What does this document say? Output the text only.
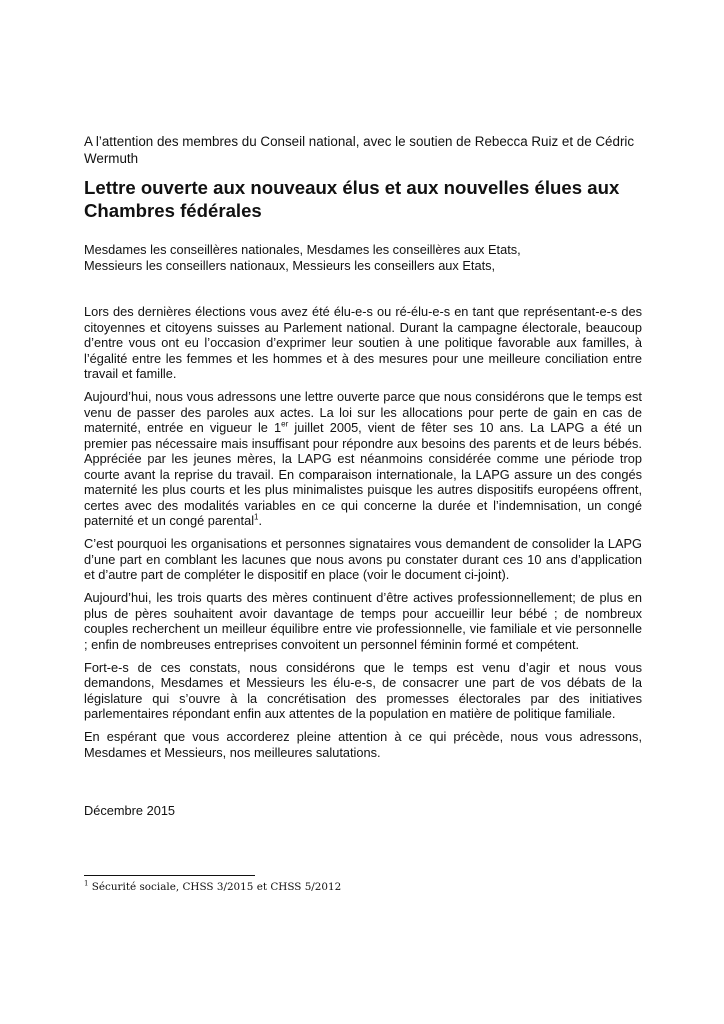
A l’attention des membres du Conseil national, avec le soutien de Rebecca Ruiz et de Cédric Wermuth

Lettre ouverte aux nouveaux élus et aux nouvelles élues aux Chambres fédérales
Mesdames les conseillères nationales, Mesdames les conseillères aux Etats,
Messieurs les conseillers nationaux, Messieurs les conseillers aux Etats,

Lors des dernières élections vous avez été élu-e-s ou ré-élu-e-s en tant que représentant-e-s des citoyennes et citoyens suisses au Parlement national. Durant la campagne électorale, beaucoup d’entre vous ont eu l’occasion d’exprimer leur soutien à une politique favorable aux familles, à l’égalité entre les femmes et les hommes et à des mesures pour une meilleure conciliation entre travail et famille.

Aujourd’hui, nous vous adressons une lettre ouverte parce que nous considérons que le temps est venu de passer des paroles aux actes. La loi sur les allocations pour perte de gain en cas de maternité, entrée en vigueur le 1er juillet 2005, vient de fêter ses 10 ans. La LAPG a été un premier pas nécessaire mais insuffisant pour répondre aux besoins des parents et de leurs bébés. Appréciée par les jeunes mères, la LAPG est néanmoins considérée comme une période trop courte avant la reprise du travail. En comparaison internationale, la LAPG assure un des congés maternité les plus courts et les plus minimalistes puisque les autres dispositifs européens offrent, certes avec des modalités variables en ce qui concerne la durée et l’indemnisation, un congé paternité et un congé parental$^1$.

C’est pourquoi les organisations et personnes signataires vous demandent de consolider la LAPG d’une part en comblant les lacunes que nous avons pu constater durant ces 10 ans d’application et d’autre part de compléter le dispositif en place (voir le document ci-joint).

Aujourd’hui, les trois quarts des mères continuent d’être actives professionnellement; de plus en plus de pères souhaitent avoir davantage de temps pour accueillir leur bébé ; de nombreux couples recherchent un meilleur équilibre entre vie professionnelle, vie familiale et vie personnelle ; enfin de nombreuses entreprises convoitent un personnel féminin formé et compétent.

Fort-e-s de ces constats, nous considérons que le temps est venu d’agir et nous vous demandons, Mesdames et Messieurs les élu-e-s, de consacrer une part de vos débats de la législature qui s’ouvre à la concrétisation des promesses électorales par des initiatives parlementaires répondant enfin aux attentes de la population en matière de politique familiale.

En espérant que vous accorderez pleine attention à ce qui précède, nous vous adressons, Mesdames et Messieurs, nos meilleures salutations.

Décembre 2015
$^1$ Sécurité sociale, CHSS 3/2015 et CHSS 5/2012
